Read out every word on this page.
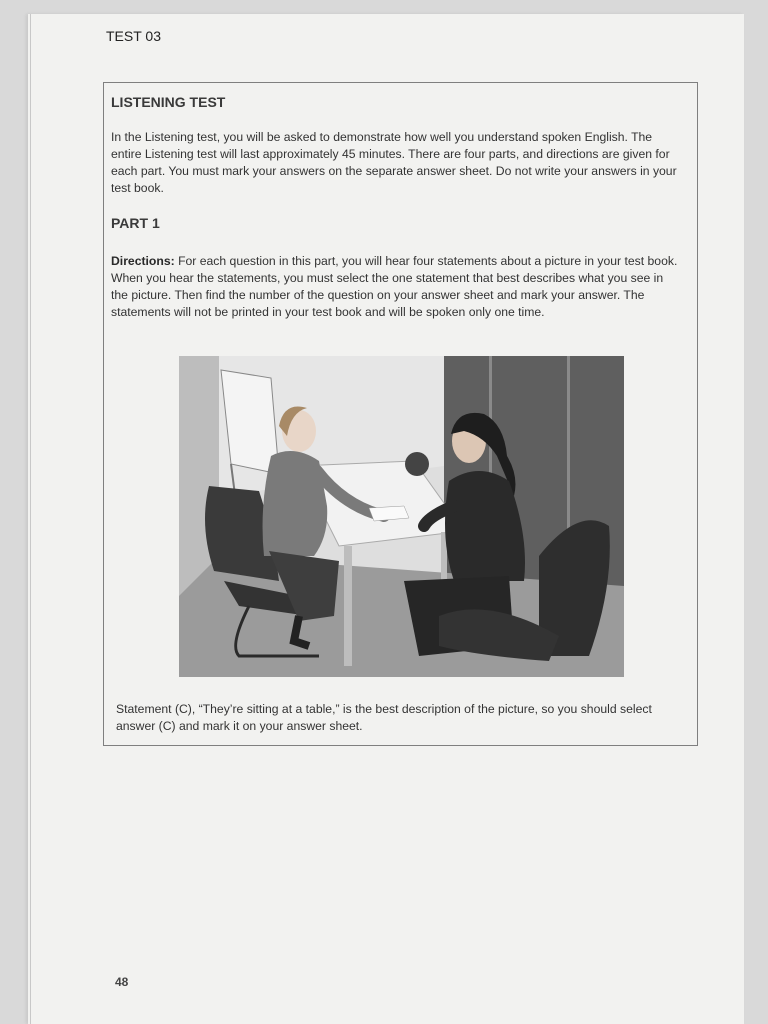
TEST 03
LISTENING TEST
In the Listening test, you will be asked to demonstrate how well you understand spoken English. The entire Listening test will last approximately 45 minutes. There are four parts, and directions are given for each part. You must mark your answers on the separate answer sheet. Do not write your answers in your test book.
PART 1
Directions: For each question in this part, you will hear four statements about a picture in your test book. When you hear the statements, you must select the one statement that best describes what you see in the picture. Then find the number of the question on your answer sheet and mark your answer. The statements will not be printed in your test book and will be spoken only one time.
Statement (C), “They’re sitting at a table,” is the best description of the picture, so you should select answer (C) and mark it on your answer sheet.
48
